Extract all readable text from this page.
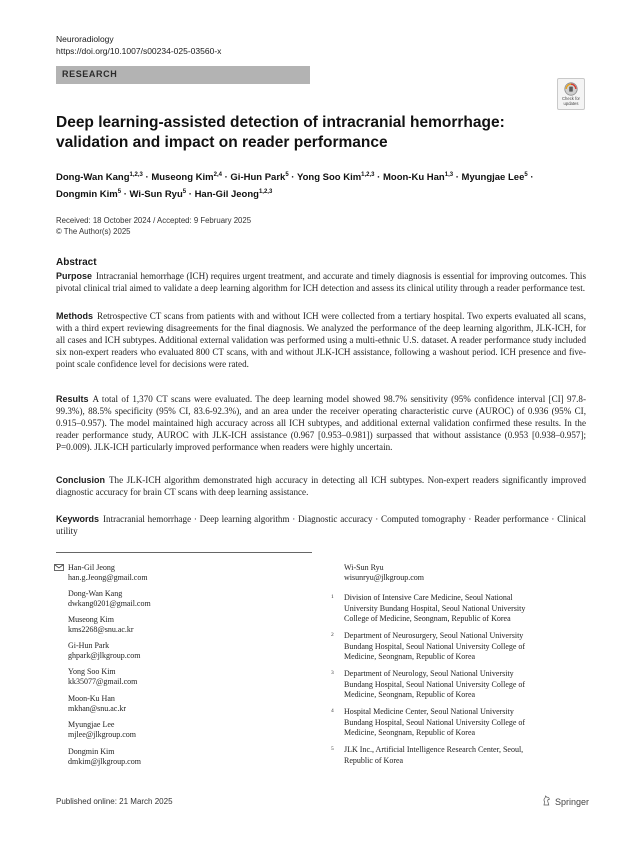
Neuroradiology
https://doi.org/10.1007/s00234-025-03560-x
RESEARCH
Check for
updates
Deep learning-assisted detection of intracranial hemorrhage: validation and impact on reader performance
Dong-Wan Kang$^{1,2,3}$ · Museong Kim$^{2,4}$ · Gi-Hun Park$^5$ · Yong Soo Kim$^{1,2,3}$ · Moon-Ku Han$^{1,3}$ · Myungjae Lee$^5$ ·
Dongmin Kim$^5$ · Wi-Sun Ryu$^5$ · Han-Gil Jeong$^{1,2,3}$
Received: 18 October 2024 / Accepted: 9 February 2025
© The Author(s) 2025
Abstract
Purpose Intracranial hemorrhage (ICH) requires urgent treatment, and accurate and timely diagnosis is essential for improving outcomes. This pivotal clinical trial aimed to validate a deep learning algorithm for ICH detection and assess its clinical utility through a reader performance test.
Methods Retrospective CT scans from patients with and without ICH were collected from a tertiary hospital. Two experts evaluated all scans, with a third expert reviewing disagreements for the final diagnosis. We analyzed the performance of the deep learning algorithm, JLK-ICH, for all cases and ICH subtypes. Additional external validation was performed using a multi-ethnic U.S. dataset. A reader performance study included six non-expert readers who evaluated 800 CT scans, with and without JLK-ICH assistance, following a washout period. ICH presence and five-point scale confidence level for decisions were rated.
Results A total of 1,370 CT scans were evaluated. The deep learning model showed 98.7% sensitivity (95% confidence interval [CI] 97.8-99.3%), 88.5% specificity (95% CI, 83.6-92.3%), and an area under the receiver operating characteristic curve (AUROC) of 0.936 (95% CI, 0.915–0.957). The model maintained high accuracy across all ICH subtypes, and additional external validation confirmed these results. In the reader performance study, AUROC with JLK-ICH assistance (0.967 [0.953–0.981]) surpassed that without assistance (0.953 [0.938–0.957]; P=0.009). JLK-ICH particularly improved performance when readers were highly uncertain.
Conclusion The JLK-ICH algorithm demonstrated high accuracy in detecting all ICH subtypes. Non-expert readers significantly improved diagnostic accuracy for brain CT scans with deep learning assistance.
Keywords Intracranial hemorrhage · Deep learning algorithm · Diagnostic accuracy · Computed tomography · Reader performance · Clinical utility
Han-Gil Jeong
han.g.Jeong@gmail.com
Dong-Wan Kang
dwkang0201@gmail.com
Museong Kim
kms2268@snu.ac.kr
Gi-Hun Park
ghpark@jlkgroup.com
Yong Soo Kim
kk35077@gmail.com
Moon-Ku Han
mkhan@snu.ac.kr
Myungjae Lee
mjlee@jlkgroup.com
Dongmin Kim
dmkim@jlkgroup.com
Wi-Sun Ryu
wisunryu@jlkgroup.com
1 Division of Intensive Care Medicine, Seoul National
University Bundang Hospital, Seoul National University
College of Medicine, Seongnam, Republic of Korea
2 Department of Neurosurgery, Seoul National University
Bundang Hospital, Seoul National University College of
Medicine, Seongnam, Republic of Korea
3 Department of Neurology, Seoul National University
Bundang Hospital, Seoul National University College of
Medicine, Seongnam, Republic of Korea
4 Hospital Medicine Center, Seoul National University
Bundang Hospital, Seoul National University College of
Medicine, Seongnam, Republic of Korea
5 JLK Inc., Artificial Intelligence Research Center, Seoul,
Republic of Korea
Published online: 21 March 2025	Springer
